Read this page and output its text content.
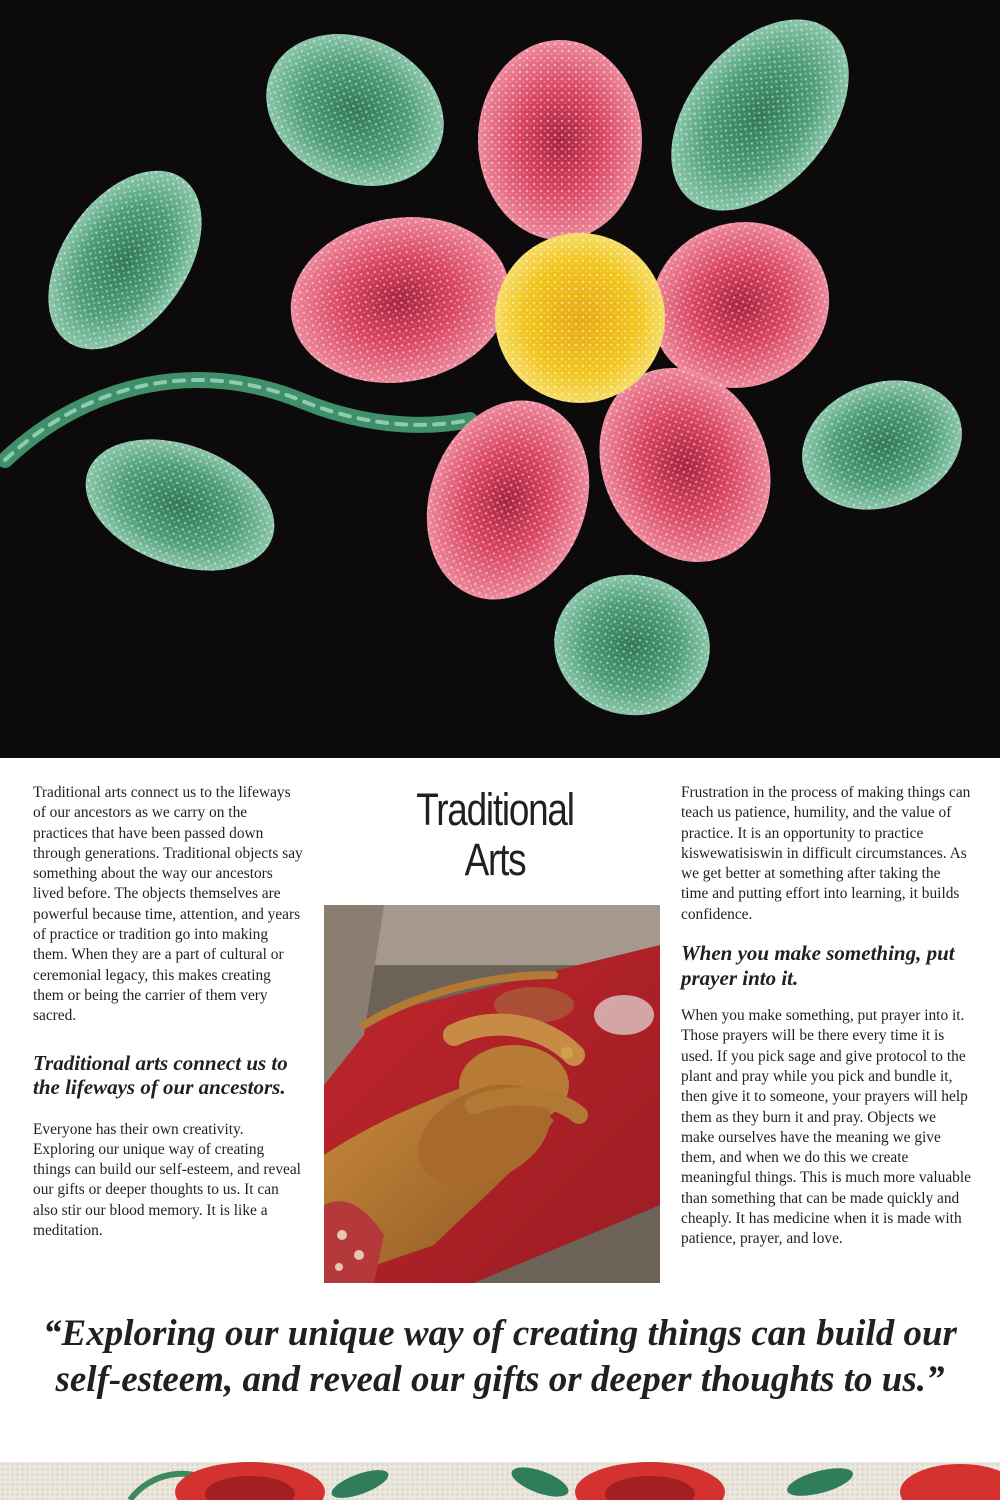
Traditional arts connect us to the lifeways of our ancestors as we carry on the practices that have been passed down through generations. Traditional objects say something about the way our ancestors lived before. The objects themselves are powerful because time, attention, and years of practice or tradition go into making them. When they are a part of cultural or ceremonial legacy, this makes creating them or being the carrier of them very sacred.

Traditional arts connect us to the lifeways of our ancestors.

Everyone has their own creativity. Exploring our unique way of creating things can build our self-esteem, and reveal our gifts or deeper thoughts to us. It can also stir our blood memory. It is like a meditation.

Traditional
Arts

Frustration in the process of making things can teach us patience, humility, and the value of practice. It is an opportunity to practice kiswewatisiswin in difficult circumstances. As we get better at something after taking the time and putting effort into learning, it builds confidence.

When you make something, put prayer into it.

When you make something, put prayer into it. Those prayers will be there every time it is used. If you pick sage and give protocol to the plant and pray while you pick and bundle it, then give it to someone, your prayers will help them as they burn it and pray. Objects we make ourselves have the meaning we give them, and when we do this we create meaningful things. This is much more valuable than something that can be made quickly and cheaply. It has medicine when it is made with patience, prayer, and love.

“Exploring our unique way of creating things can build our
self-esteem, and reveal our gifts or deeper thoughts to us.”
